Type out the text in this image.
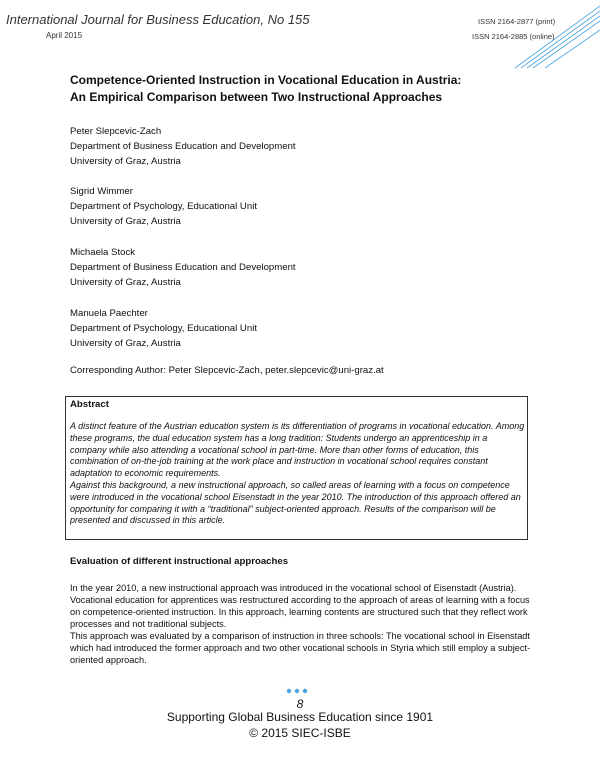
International Journal for Business Education, No 155
April 2015
ISSN 2164-2877 (print)
ISSN 2164-2885 (online)
Competence-Oriented Instruction in Vocational Education in Austria:
An Empirical Comparison between Two Instructional Approaches
Peter Slepcevic-Zach
Department of Business Education and Development
University of Graz, Austria
Sigrid Wimmer
Department of Psychology, Educational Unit
University of Graz, Austria
Michaela Stock
Department of Business Education and Development
University of Graz, Austria
Manuela Paechter
Department of Psychology, Educational Unit
University of Graz, Austria
Corresponding Author: Peter Slepcevic-Zach, peter.slepcevic@uni-graz.at
Abstract
A distinct feature of the Austrian education system is its differentiation of programs in vocational education. Among these programs, the dual education system has a long tradition: Students undergo an apprenticeship in a company while also attending a vocational school in part-time. More than other forms of education, this combination of on-the-job training at the work place and instruction in vocational school requires constant adaptation to economic requirements.
Against this background, a new instructional approach, so called areas of learning with a focus on competence were introduced in the vocational school Eisenstadt in the year 2010. The introduction of this approach offered an opportunity for comparing it with a “traditional” subject-oriented approach. Results of the comparison will be presented and discussed in this article.
Evaluation of different instructional approaches

In the year 2010, a new instructional approach was introduced in the vocational school of Eisenstadt (Austria). Vocational education for apprentices was restructured according to the approach of areas of learning with a focus on competence-oriented instruction. In this approach, learning contents are structured such that they reflect work processes and not traditional subjects.

This approach was evaluated by a comparison of instruction in three schools: The vocational school in Eisenstadt which had introduced the former approach and two other vocational schools in Styria which still employ a subject-oriented approach.

8
Supporting Global Business Education since 1901
© 2015 SIEC-ISBE
